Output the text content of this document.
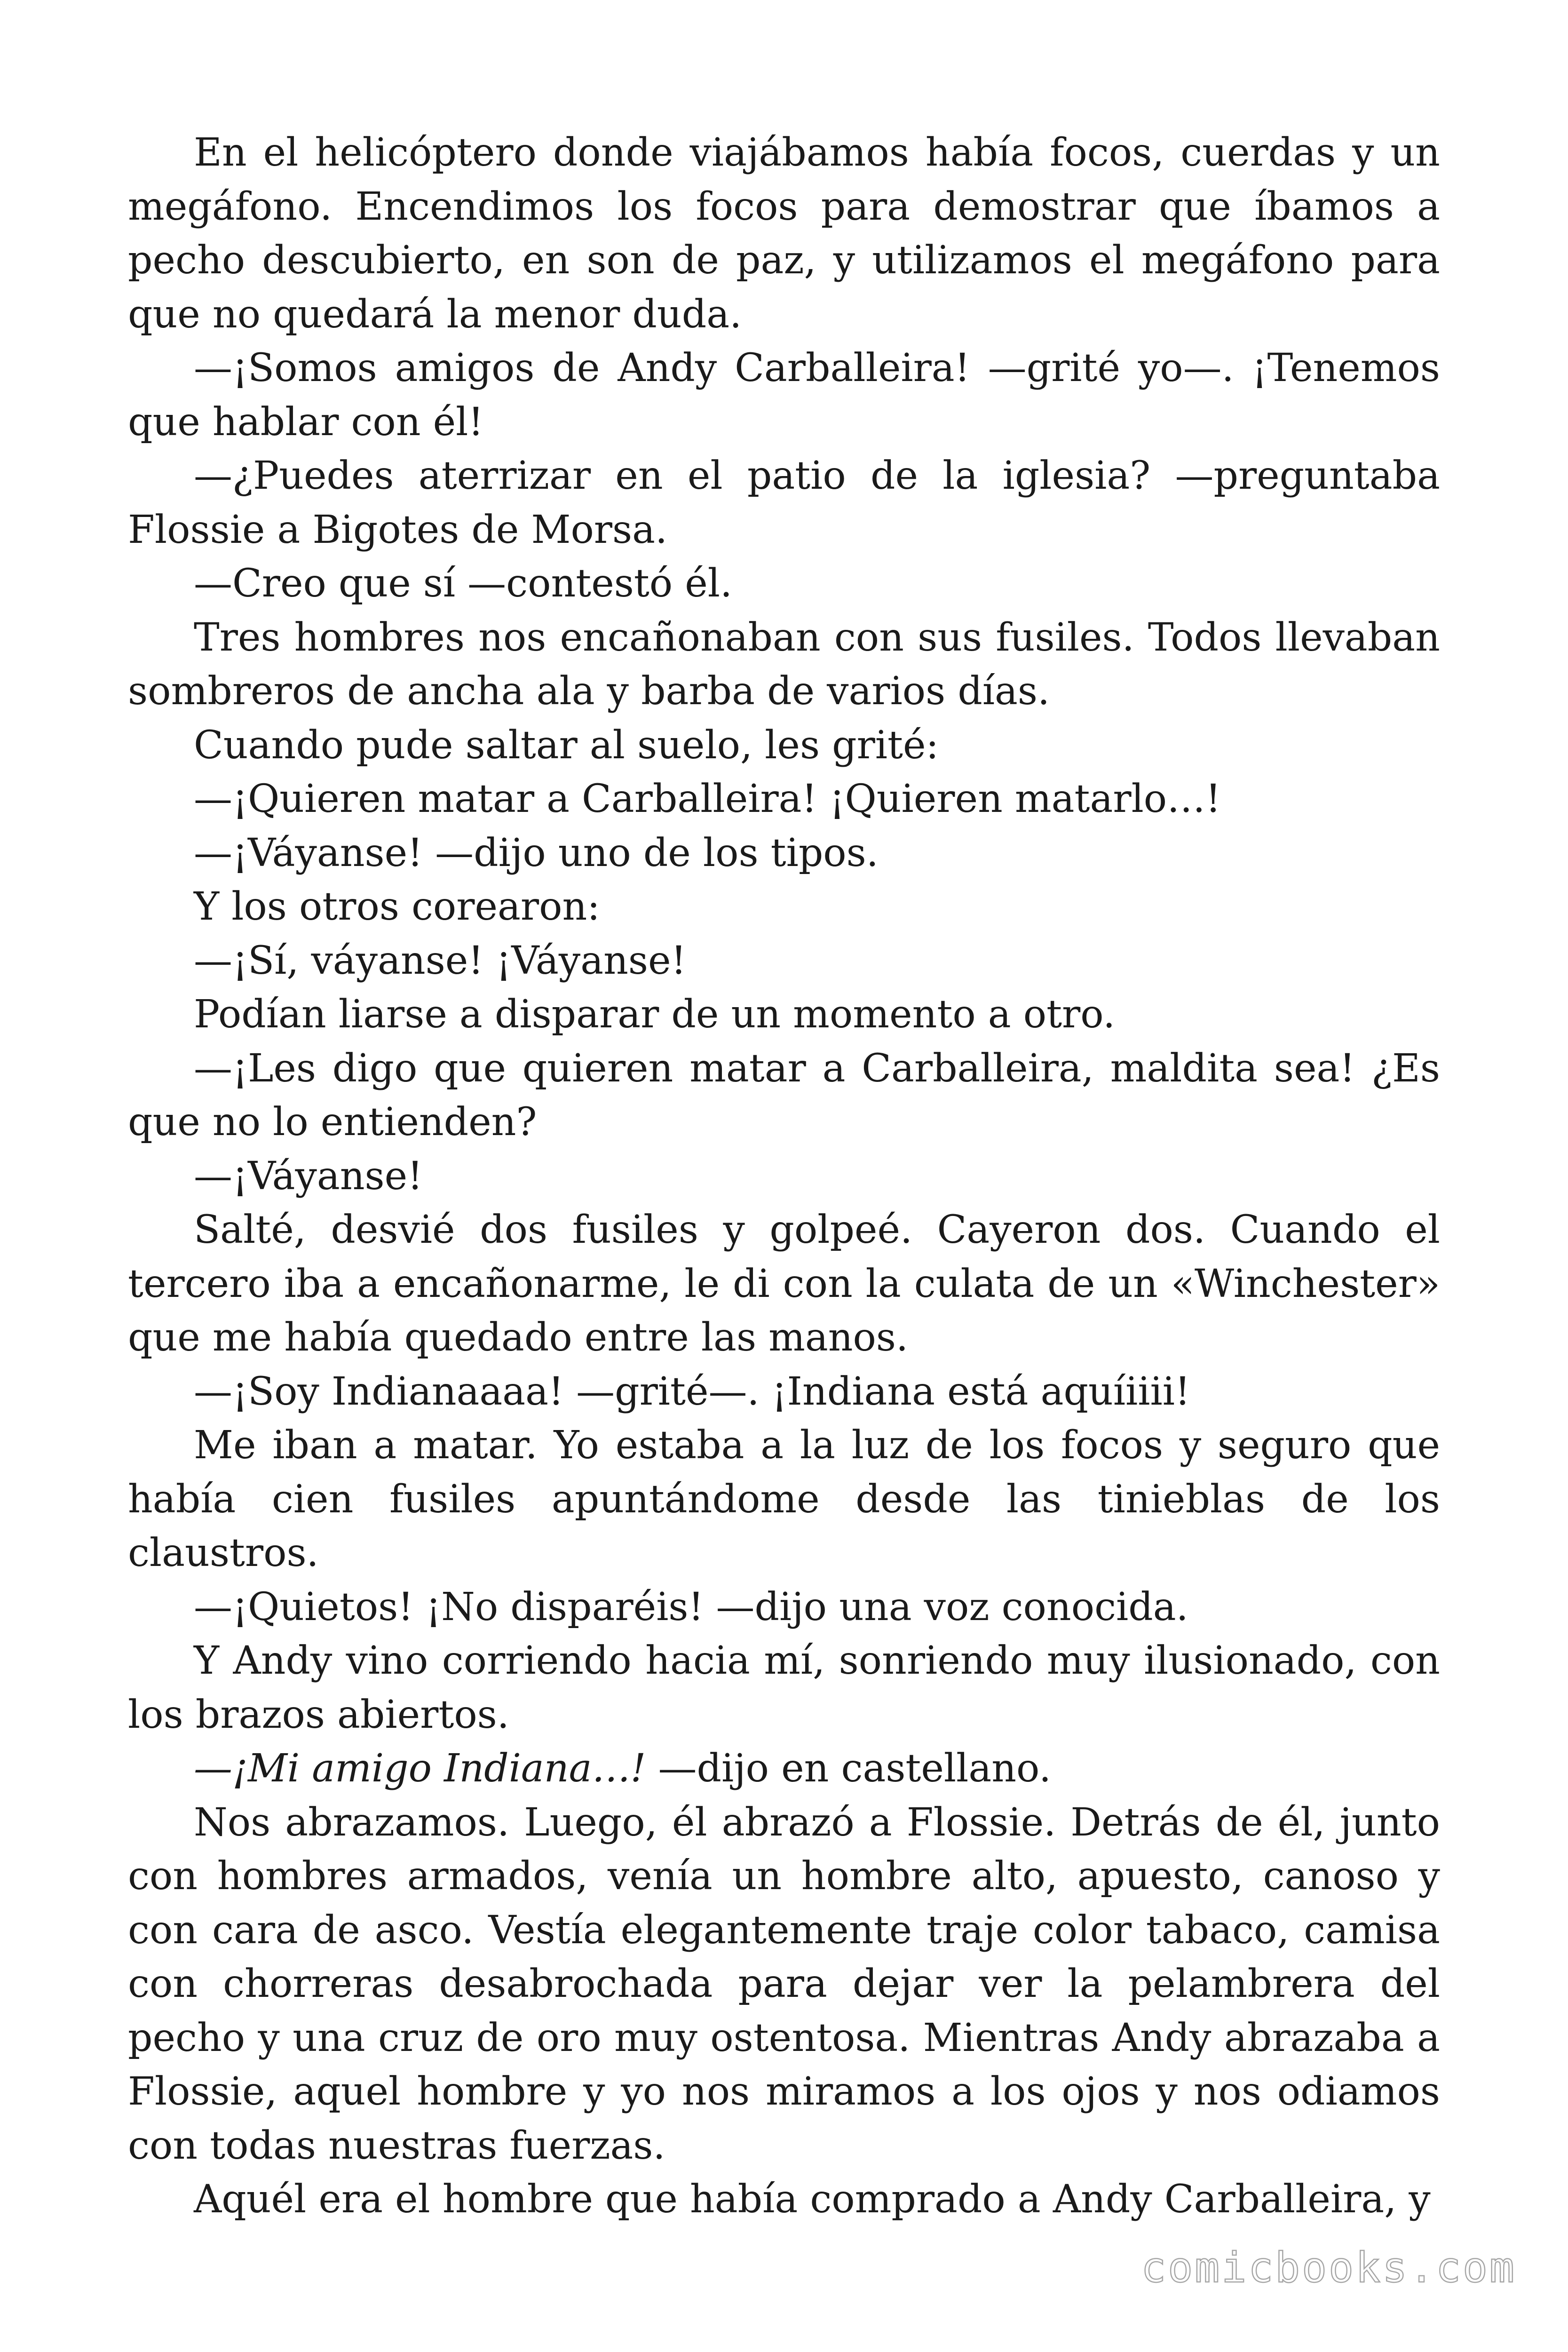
En el helicóptero donde viajábamos había focos, cuerdas y un megáfono. Encendimos los focos para demostrar que íbamos a pecho descubierto, en son de paz, y utilizamos el megáfono para que no quedará la menor duda.

—¡Somos amigos de Andy Carballeira! —grité yo—. ¡Tenemos que hablar con él!

—¿Puedes aterrizar en el patio de la iglesia? —preguntaba Flossie a Bigotes de Morsa.

—Creo que sí —contestó él.

Tres hombres nos encañonaban con sus fusiles. Todos llevaban sombreros de ancha ala y barba de varios días.

Cuando pude saltar al suelo, les grité:

—¡Quieren matar a Carballeira! ¡Quieren matarlo…!

—¡Váyanse! —dijo uno de los tipos.

Y los otros corearon:

—¡Sí, váyanse! ¡Váyanse!

Podían liarse a disparar de un momento a otro.

—¡Les digo que quieren matar a Carballeira, maldita sea! ¿Es que no lo entienden?

—¡Váyanse!

Salté, desvié dos fusiles y golpeé. Cayeron dos. Cuando el tercero iba a encañonarme, le di con la culata de un «Winchester» que me había quedado entre las manos.

—¡Soy Indianaaaa! —grité—. ¡Indiana está aquíiiii!

Me iban a matar. Yo estaba a la luz de los focos y seguro que había cien fusiles apuntándome desde las tinieblas de los claustros.

—¡Quietos! ¡No disparéis! —dijo una voz conocida.

Y Andy vino corriendo hacia mí, sonriendo muy ilusionado, con los brazos abiertos.

—¡Mi amigo Indiana…! —dijo en castellano.

Nos abrazamos. Luego, él abrazó a Flossie. Detrás de él, junto con hombres armados, venía un hombre alto, apuesto, canoso y con cara de asco. Vestía elegantemente traje color tabaco, camisa con chorreras desabrochada para dejar ver la pelambrera del pecho y una cruz de oro muy ostentosa. Mientras Andy abrazaba a Flossie, aquel hombre y yo nos miramos a los ojos y nos odiamos con todas nuestras fuerzas.

Aquél era el hombre que había comprado a Andy Carballeira, y

comicbooks.com
